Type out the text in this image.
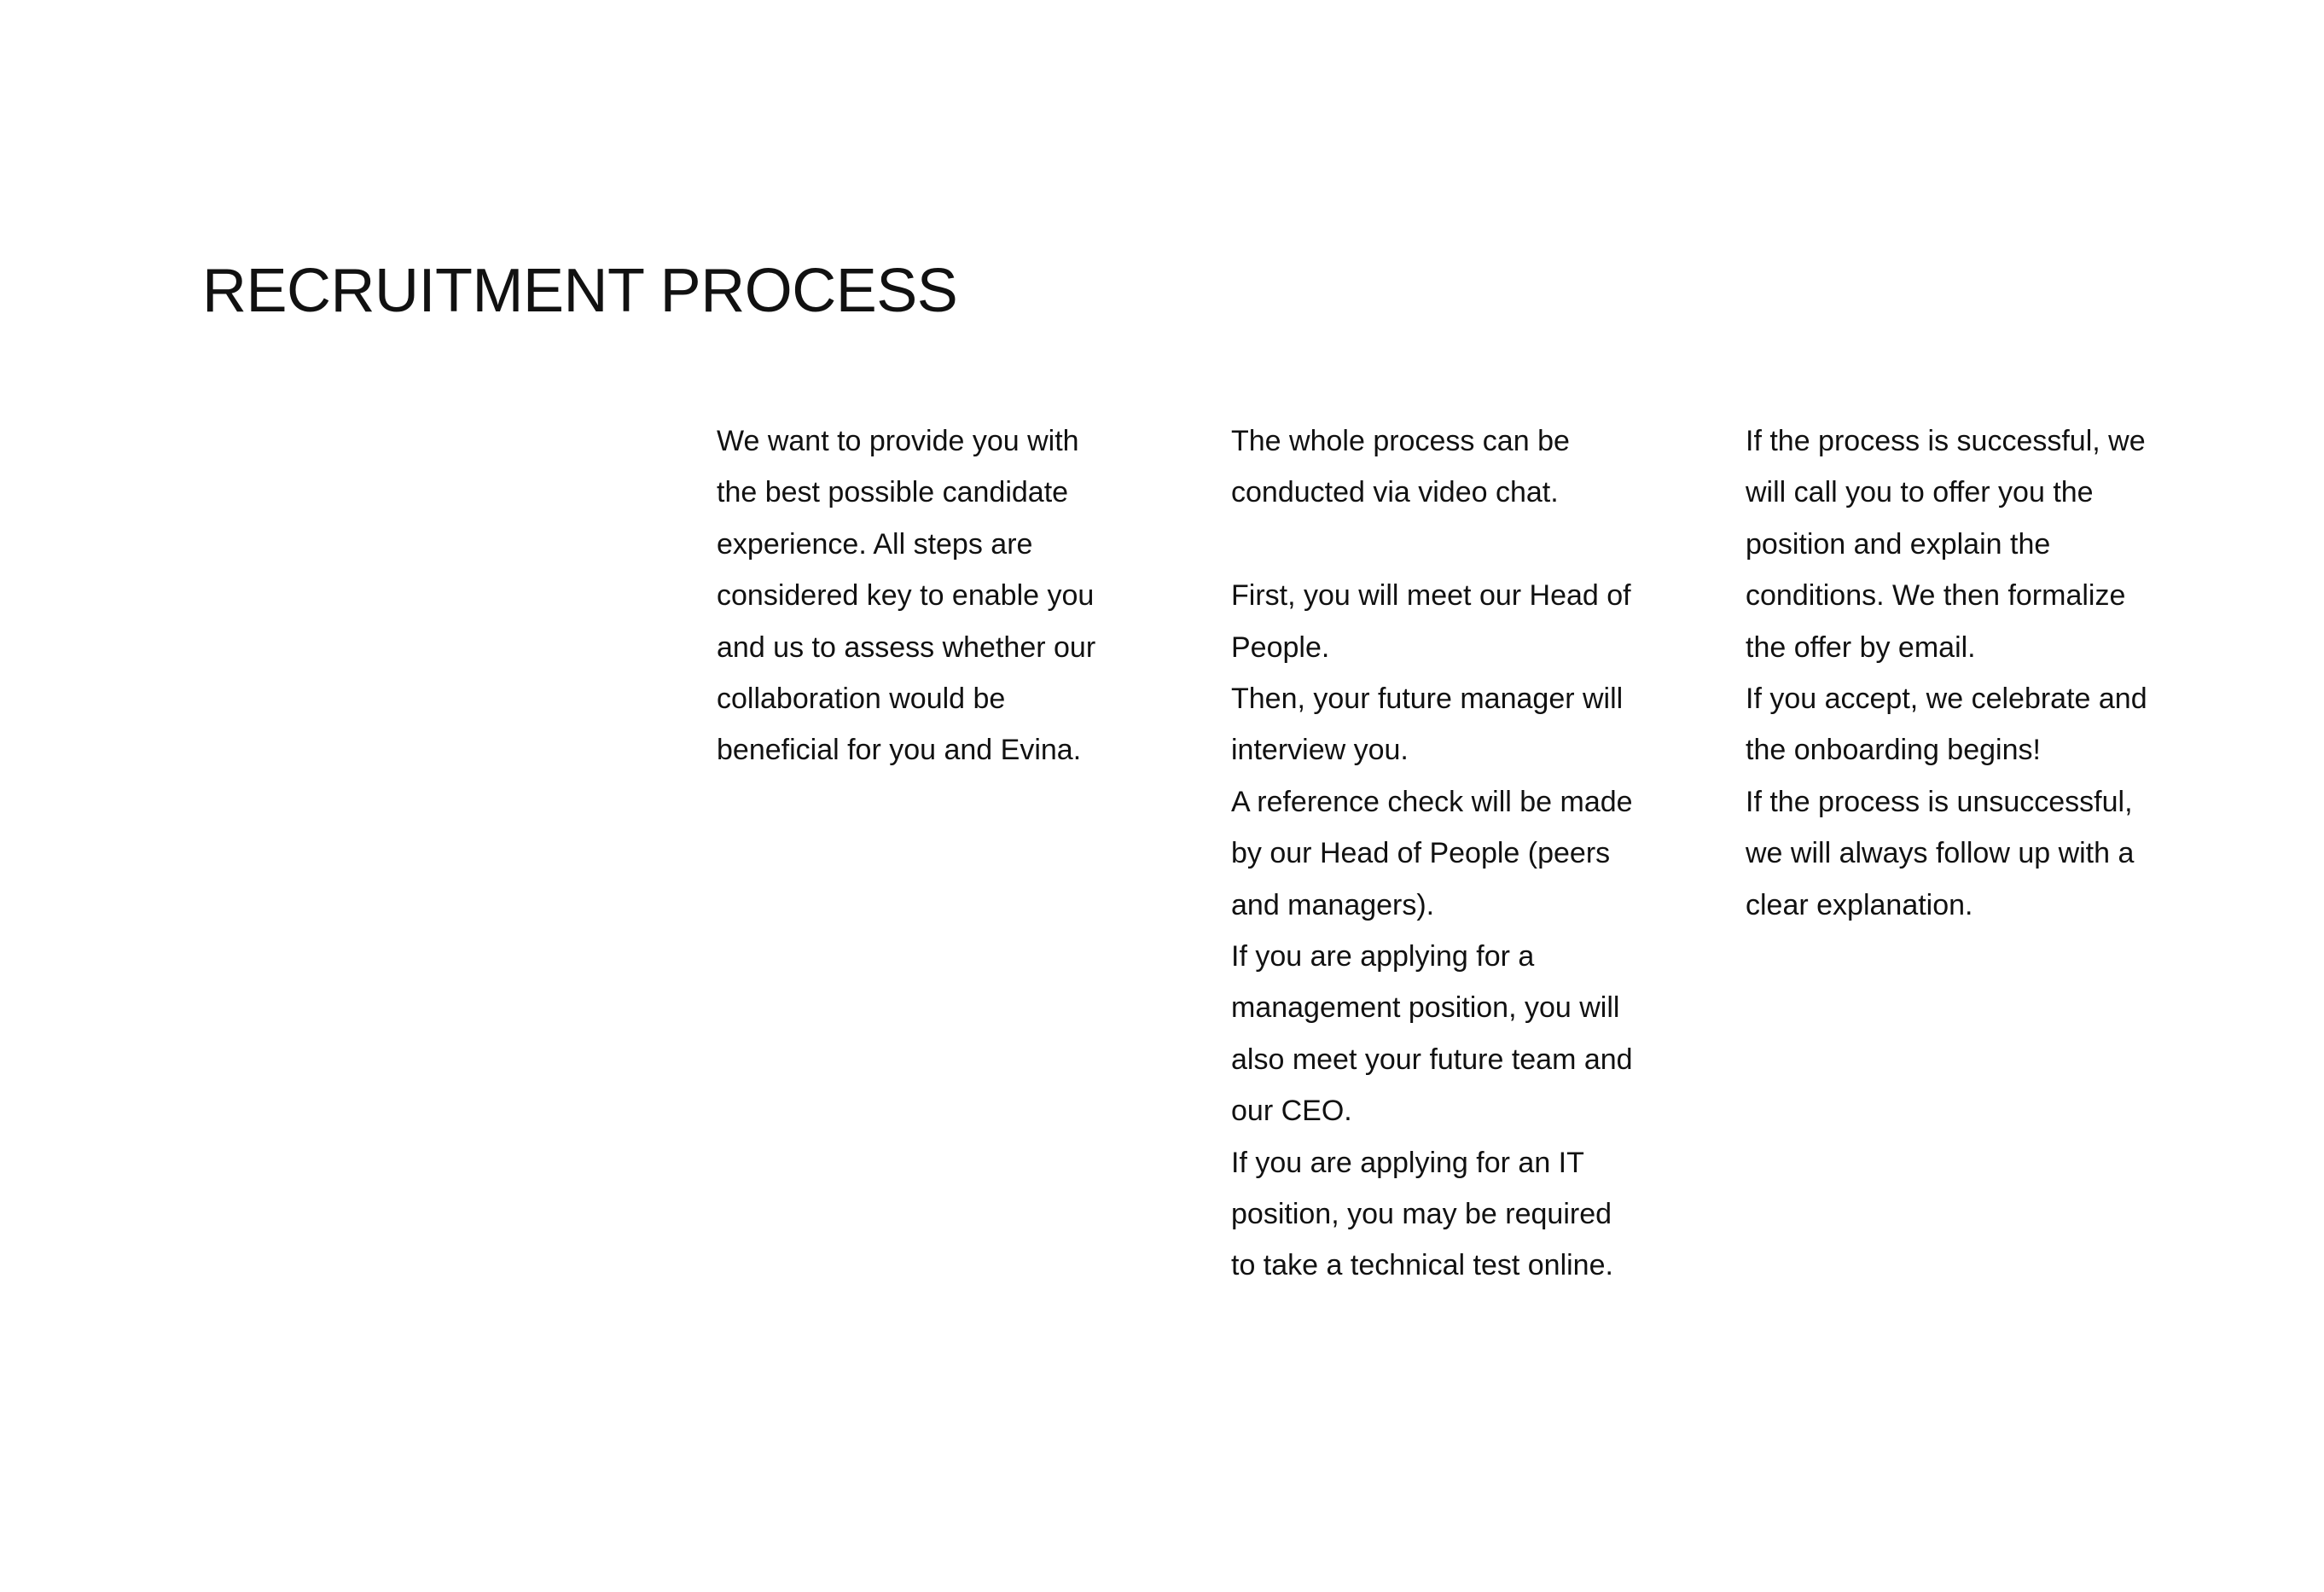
RECRUITMENT PROCESS

We want to provide you with the best possible candidate experience. All steps are considered key to enable you and us to assess whether our collaboration would be beneficial for you and Evina.

The whole process can be conducted via video chat.

First, you will meet our Head of People.

Then, your future manager will interview you.

A reference check will be made by our Head of People (peers and managers).

If you are applying for a management position, you will also meet your future team and our CEO.

If you are applying for an IT position, you may be required to take a technical test online.

If the process is successful, we will call you to offer you the position and explain the conditions. We then formalize the offer by email.

If you accept, we celebrate and the onboarding begins!

If the process is unsuccessful, we will always follow up with a clear explanation.
